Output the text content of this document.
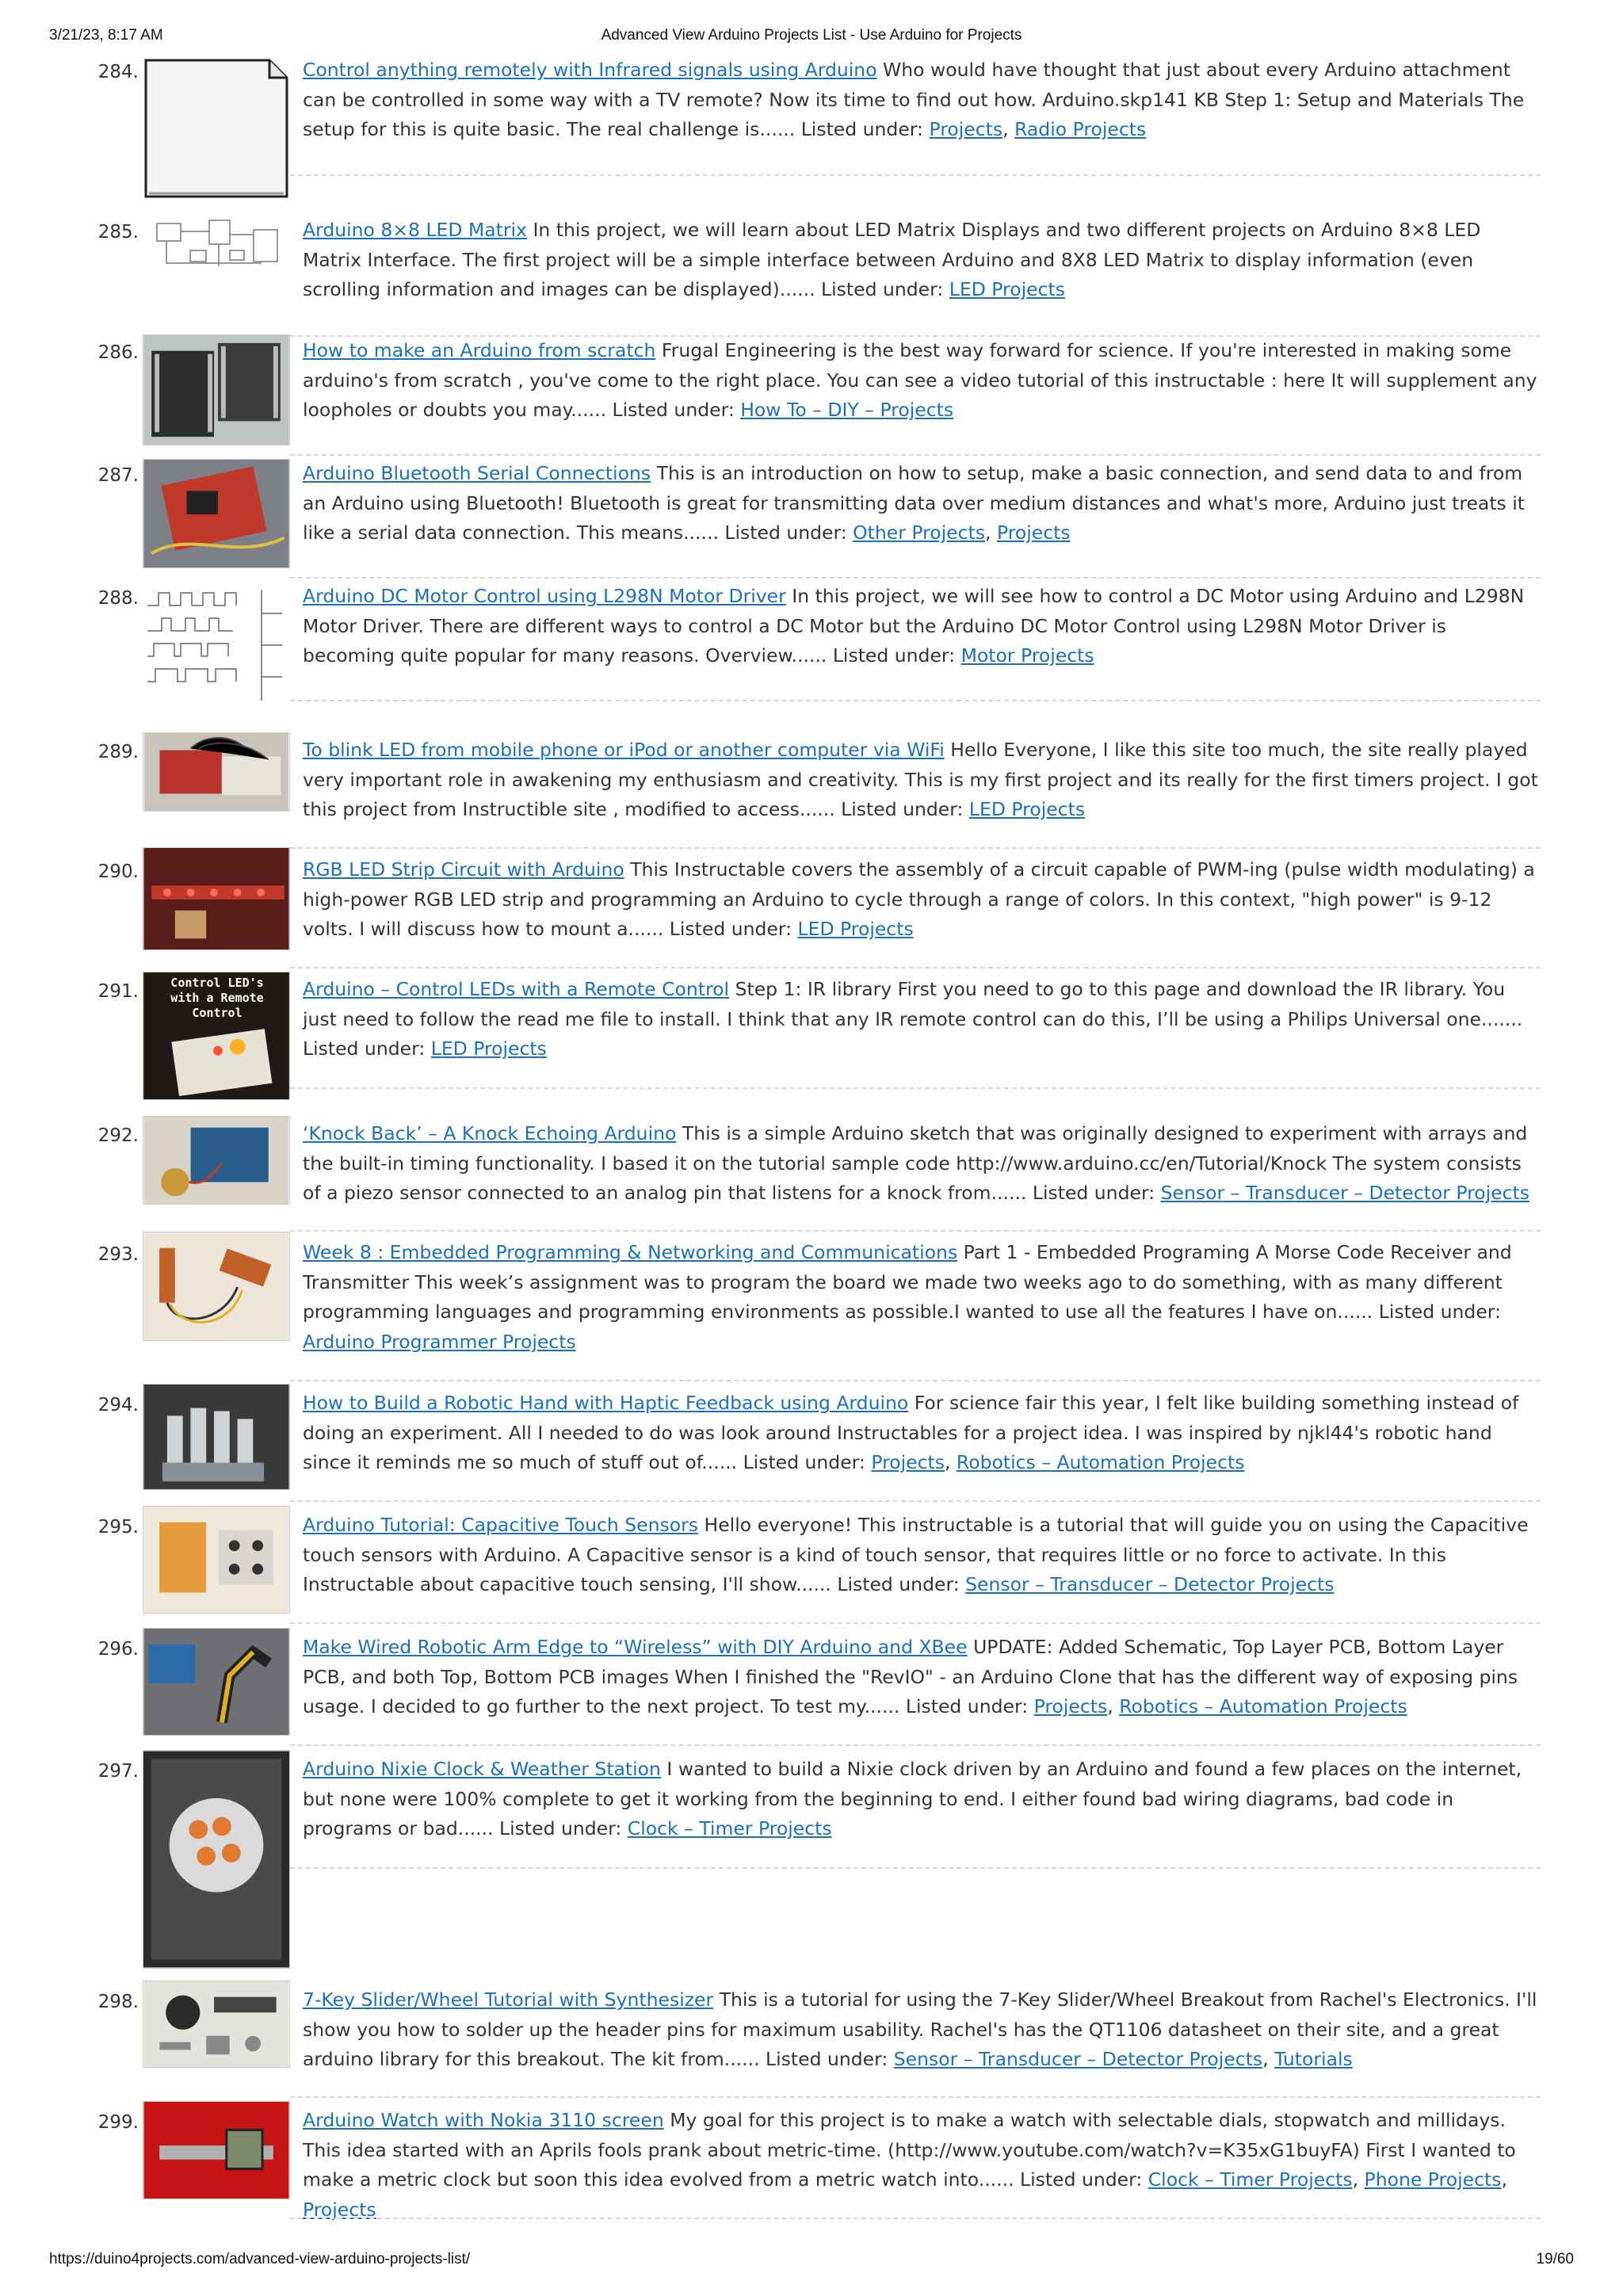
3/21/23, 8:17 AM	Advanced View Arduino Projects List - Use Arduino for Projects
284.	Control anything remotely with Infrared signals using Arduino Who would have thought that just about every Arduino attachment can be controlled in some way with a TV remote? Now its time to find out how. Arduino.skp141 KB Step 1: Setup and Materials The setup for this is quite basic. The real challenge is...... Listed under: Projects, Radio Projects
285.	Arduino 8×8 LED Matrix In this project, we will learn about LED Matrix Displays and two different projects on Arduino 8×8 LED Matrix Interface. The first project will be a simple interface between Arduino and 8X8 LED Matrix to display information (even scrolling information and images can be displayed)...... Listed under: LED Projects
286.	How to make an Arduino from scratch Frugal Engineering is the best way forward for science. If you're interested in making some arduino's from scratch , you've come to the right place. You can see a video tutorial of this instructable : here It will supplement any loopholes or doubts you may...... Listed under: How To – DIY – Projects
287.	Arduino Bluetooth Serial Connections This is an introduction on how to setup, make a basic connection, and send data to and from an Arduino using Bluetooth! Bluetooth is great for transmitting data over medium distances and what's more, Arduino just treats it like a serial data connection. This means...... Listed under: Other Projects, Projects
288.	Arduino DC Motor Control using L298N Motor Driver In this project, we will see how to control a DC Motor using Arduino and L298N Motor Driver. There are different ways to control a DC Motor but the Arduino DC Motor Control using L298N Motor Driver is becoming quite popular for many reasons. Overview...... Listed under: Motor Projects
289.	To blink LED from mobile phone or iPod or another computer via WiFi Hello Everyone, I like this site too much, the site really played very important role in awakening my enthusiasm and creativity. This is my first project and its really for the first timers project. I got this project from Instructible site , modified to access...... Listed under: LED Projects
290.	RGB LED Strip Circuit with Arduino This Instructable covers the assembly of a circuit capable of PWM-ing (pulse width modulating) a high-power RGB LED strip and programming an Arduino to cycle through a range of colors. In this context, "high power" is 9-12 volts. I will discuss how to mount a...... Listed under: LED Projects
291.	Control LED's with a Remote Control
Arduino – Control LEDs with a Remote Control Step 1: IR library First you need to go to this page and download the IR library. You just need to follow the read me file to install. I think that any IR remote control can do this, I’ll be using a Philips Universal one....... Listed under: LED Projects
292.	‘Knock Back’ – A Knock Echoing Arduino This is a simple Arduino sketch that was originally designed to experiment with arrays and the built-in timing functionality. I based it on the tutorial sample code http://www.arduino.cc/en/Tutorial/Knock The system consists of a piezo sensor connected to an analog pin that listens for a knock from...... Listed under: Sensor – Transducer – Detector Projects
293.	Week 8 : Embedded Programming & Networking and Communications Part 1 - Embedded Programing A Morse Code Receiver and Transmitter This week’s assignment was to program the board we made two weeks ago to do something, with as many different programming languages and programming environments as possible.I wanted to use all the features I have on...... Listed under: Arduino Programmer Projects
294.	How to Build a Robotic Hand with Haptic Feedback using Arduino For science fair this year, I felt like building something instead of doing an experiment. All I needed to do was look around Instructables for a project idea. I was inspired by njkl44's robotic hand since it reminds me so much of stuff out of...... Listed under: Projects, Robotics – Automation Projects
295.	Arduino Tutorial: Capacitive Touch Sensors Hello everyone! This instructable is a tutorial that will guide you on using the Capacitive touch sensors with Arduino. A Capacitive sensor is a kind of touch sensor, that requires little or no force to activate. In this Instructable about capacitive touch sensing, I'll show...... Listed under: Sensor – Transducer – Detector Projects
296.	Make Wired Robotic Arm Edge to “Wireless” with DIY Arduino and XBee UPDATE: Added Schematic, Top Layer PCB, Bottom Layer PCB, and both Top, Bottom PCB images When I finished the "RevIO" - an Arduino Clone that has the different way of exposing pins usage. I decided to go further to the next project. To test my...... Listed under: Projects, Robotics – Automation Projects
297.	Arduino Nixie Clock & Weather Station I wanted to build a Nixie clock driven by an Arduino and found a few places on the internet, but none were 100% complete to get it working from the beginning to end. I either found bad wiring diagrams, bad code in programs or bad...... Listed under: Clock – Timer Projects
298.	7-Key Slider/Wheel Tutorial with Synthesizer This is a tutorial for using the 7-Key Slider/Wheel Breakout from Rachel's Electronics. I'll show you how to solder up the header pins for maximum usability. Rachel's has the QT1106 datasheet on their site, and a great arduino library for this breakout. The kit from...... Listed under: Sensor – Transducer – Detector Projects, Tutorials
299.	Arduino Watch with Nokia 3110 screen My goal for this project is to make a watch with selectable dials, stopwatch and millidays. This idea started with an Aprils fools prank about metric-time. (http://www.youtube.com/watch?v=K35xG1buyFA) First I wanted to make a metric clock but soon this idea evolved from a metric watch into...... Listed under: Clock – Timer Projects, Phone Projects, Projects
https://duino4projects.com/advanced-view-arduino-projects-list/	19/60
